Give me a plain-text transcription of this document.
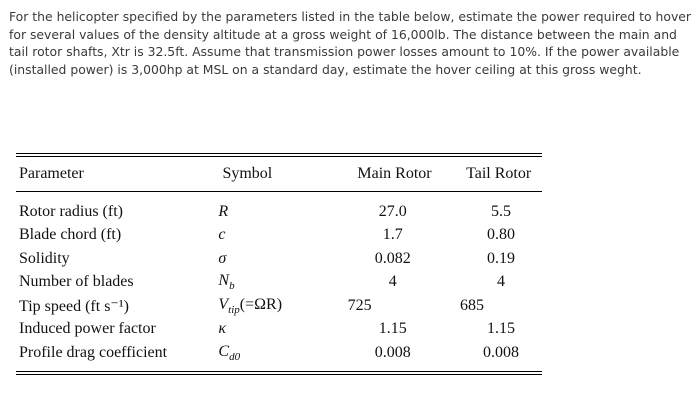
For the helicopter specified by the parameters listed in the table below, estimate the power required to hover for several values of the density altitude at a gross weight of 16,000lb. The distance between the main and tail rotor shafts, Xtr is 32.5ft. Assume that transmission power losses amount to 10%. If the power available (installed power) is 3,000hp at MSL on a standard day, estimate the hover ceiling at this gross weght.

Parameter	Symbol	Main Rotor	Tail Rotor

Rotor radius (ft)	R	27.0	5.5
Blade chord (ft)	c	1.7	0.80
Solidity	σ	0.082	0.19
Number of blades	$N_b$	4	4
Tip speed (ft s⁻¹)	$V_{tip}(=\Omega R)$	725	685
Induced power factor	κ	1.15	1.15
Profile drag coefficient	$C_{d0}$	0.008	0.008
